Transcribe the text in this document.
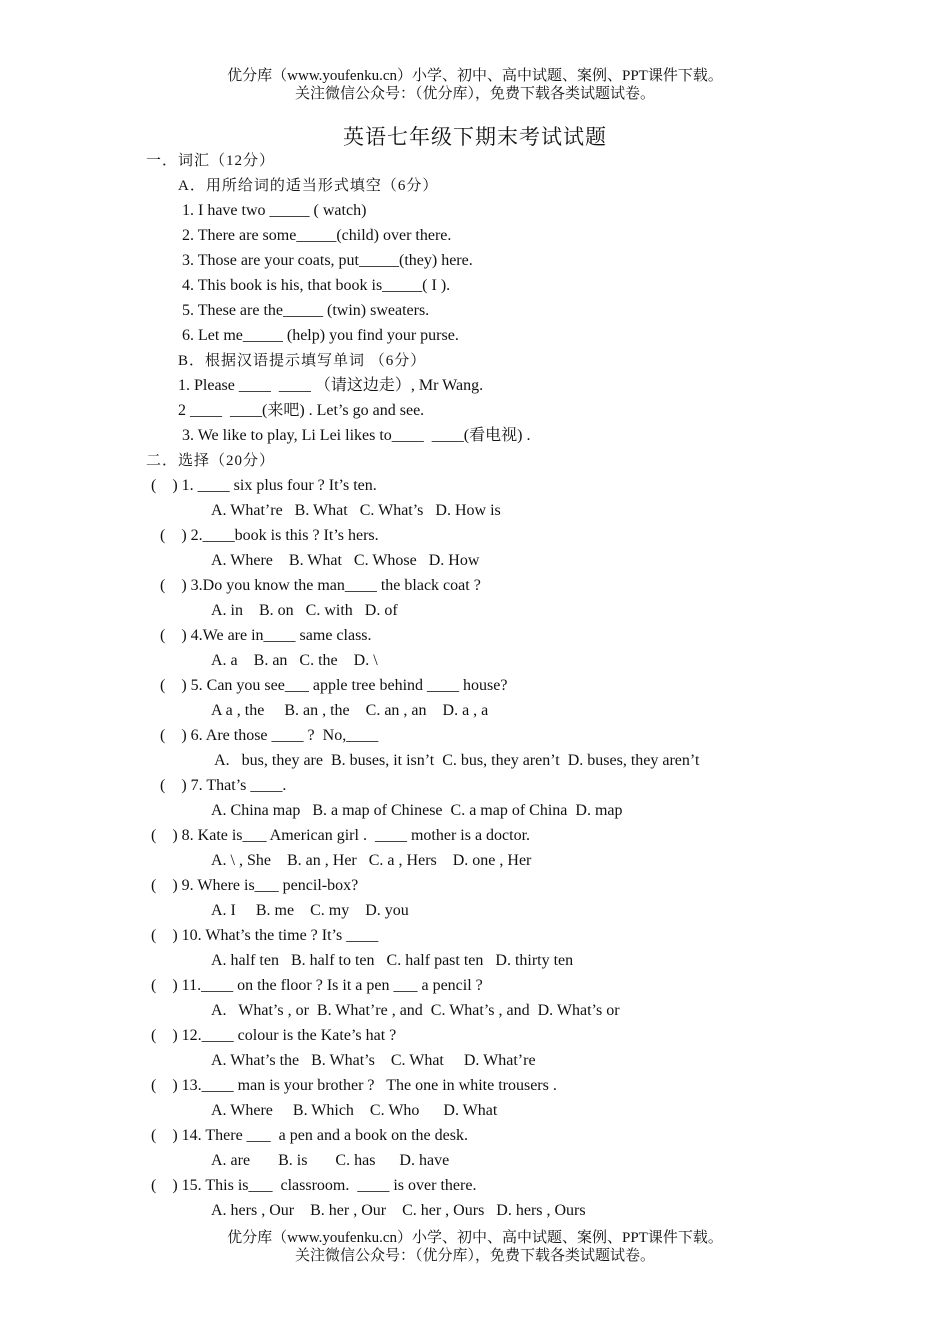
优分库（www.youfenku.cn）小学、初中、高中试题、案例、PPT课件下载。
关注微信公众号：（优分库），免费下载各类试题试卷。
英语七年级下期末考试试题
一．词汇（12分）
A．用所给词的适当形式填空（6分）
1. I have two _____ ( watch)
2. There are some_____(child) over there.
3. Those are your coats, put_____(they) here.
4. This book is his, that book is_____( I ).
5. These are the_____ (twin) sweaters.
6. Let me_____ (help) you find your purse.
B．根据汉语提示填写单词 （6分）
1. Please ____  ____ （请这边走）, Mr Wang.
2 ____  ____(来吧) . Let’s go and see.
3. We like to play, Li Lei likes to____  ____(看电视) .
二．选择（20分）
(    ) 1. ____ six plus four ? It’s ten.
A. What’re   B. What   C. What’s   D. How is
(    ) 2.____book is this ? It’s hers.
A. Where    B. What   C. Whose   D. How
(    ) 3.Do you know the man____ the black coat ?
A. in    B. on   C. with   D. of
(    ) 4.We are in____ same class.
A. a    B. an   C. the    D. \
(    ) 5. Can you see___ apple tree behind ____ house?
A a , the     B. an , the    C. an , an    D. a , a
(    ) 6. Are those ____ ?  No,____
A.   bus, they are  B. buses, it isn’t  C. bus, they aren’t  D. buses, they aren’t
(    ) 7. That’s ____.
A. China map   B. a map of Chinese  C. a map of China  D. map
(    ) 8. Kate is___ American girl .  ____ mother is a doctor.
A. \ , She    B. an , Her   C. a , Hers    D. one , Her
(    ) 9. Where is___ pencil-box?
A. I     B. me    C. my    D. you
(    ) 10. What’s the time ? It’s ____
A. half ten   B. half to ten   C. half past ten   D. thirty ten
(    ) 11.____ on the floor ? Is it a pen ___ a pencil ?
A.   What’s , or  B. What’re , and  C. What’s , and  D. What’s or
(    ) 12.____ colour is the Kate’s hat ?
A. What’s the   B. What’s    C. What     D. What’re
(    ) 13.____ man is your brother ?   The one in white trousers .
A. Where     B. Which    C. Who      D. What
(    ) 14. There ___  a pen and a book on the desk.
A. are       B. is       C. has      D. have
(    ) 15. This is___  classroom.  ____ is over there.
A. hers , Our    B. her , Our    C. her , Ours   D. hers , Ours
优分库（www.youfenku.cn）小学、初中、高中试题、案例、PPT课件下载。
关注微信公众号：（优分库），免费下载各类试题试卷。
